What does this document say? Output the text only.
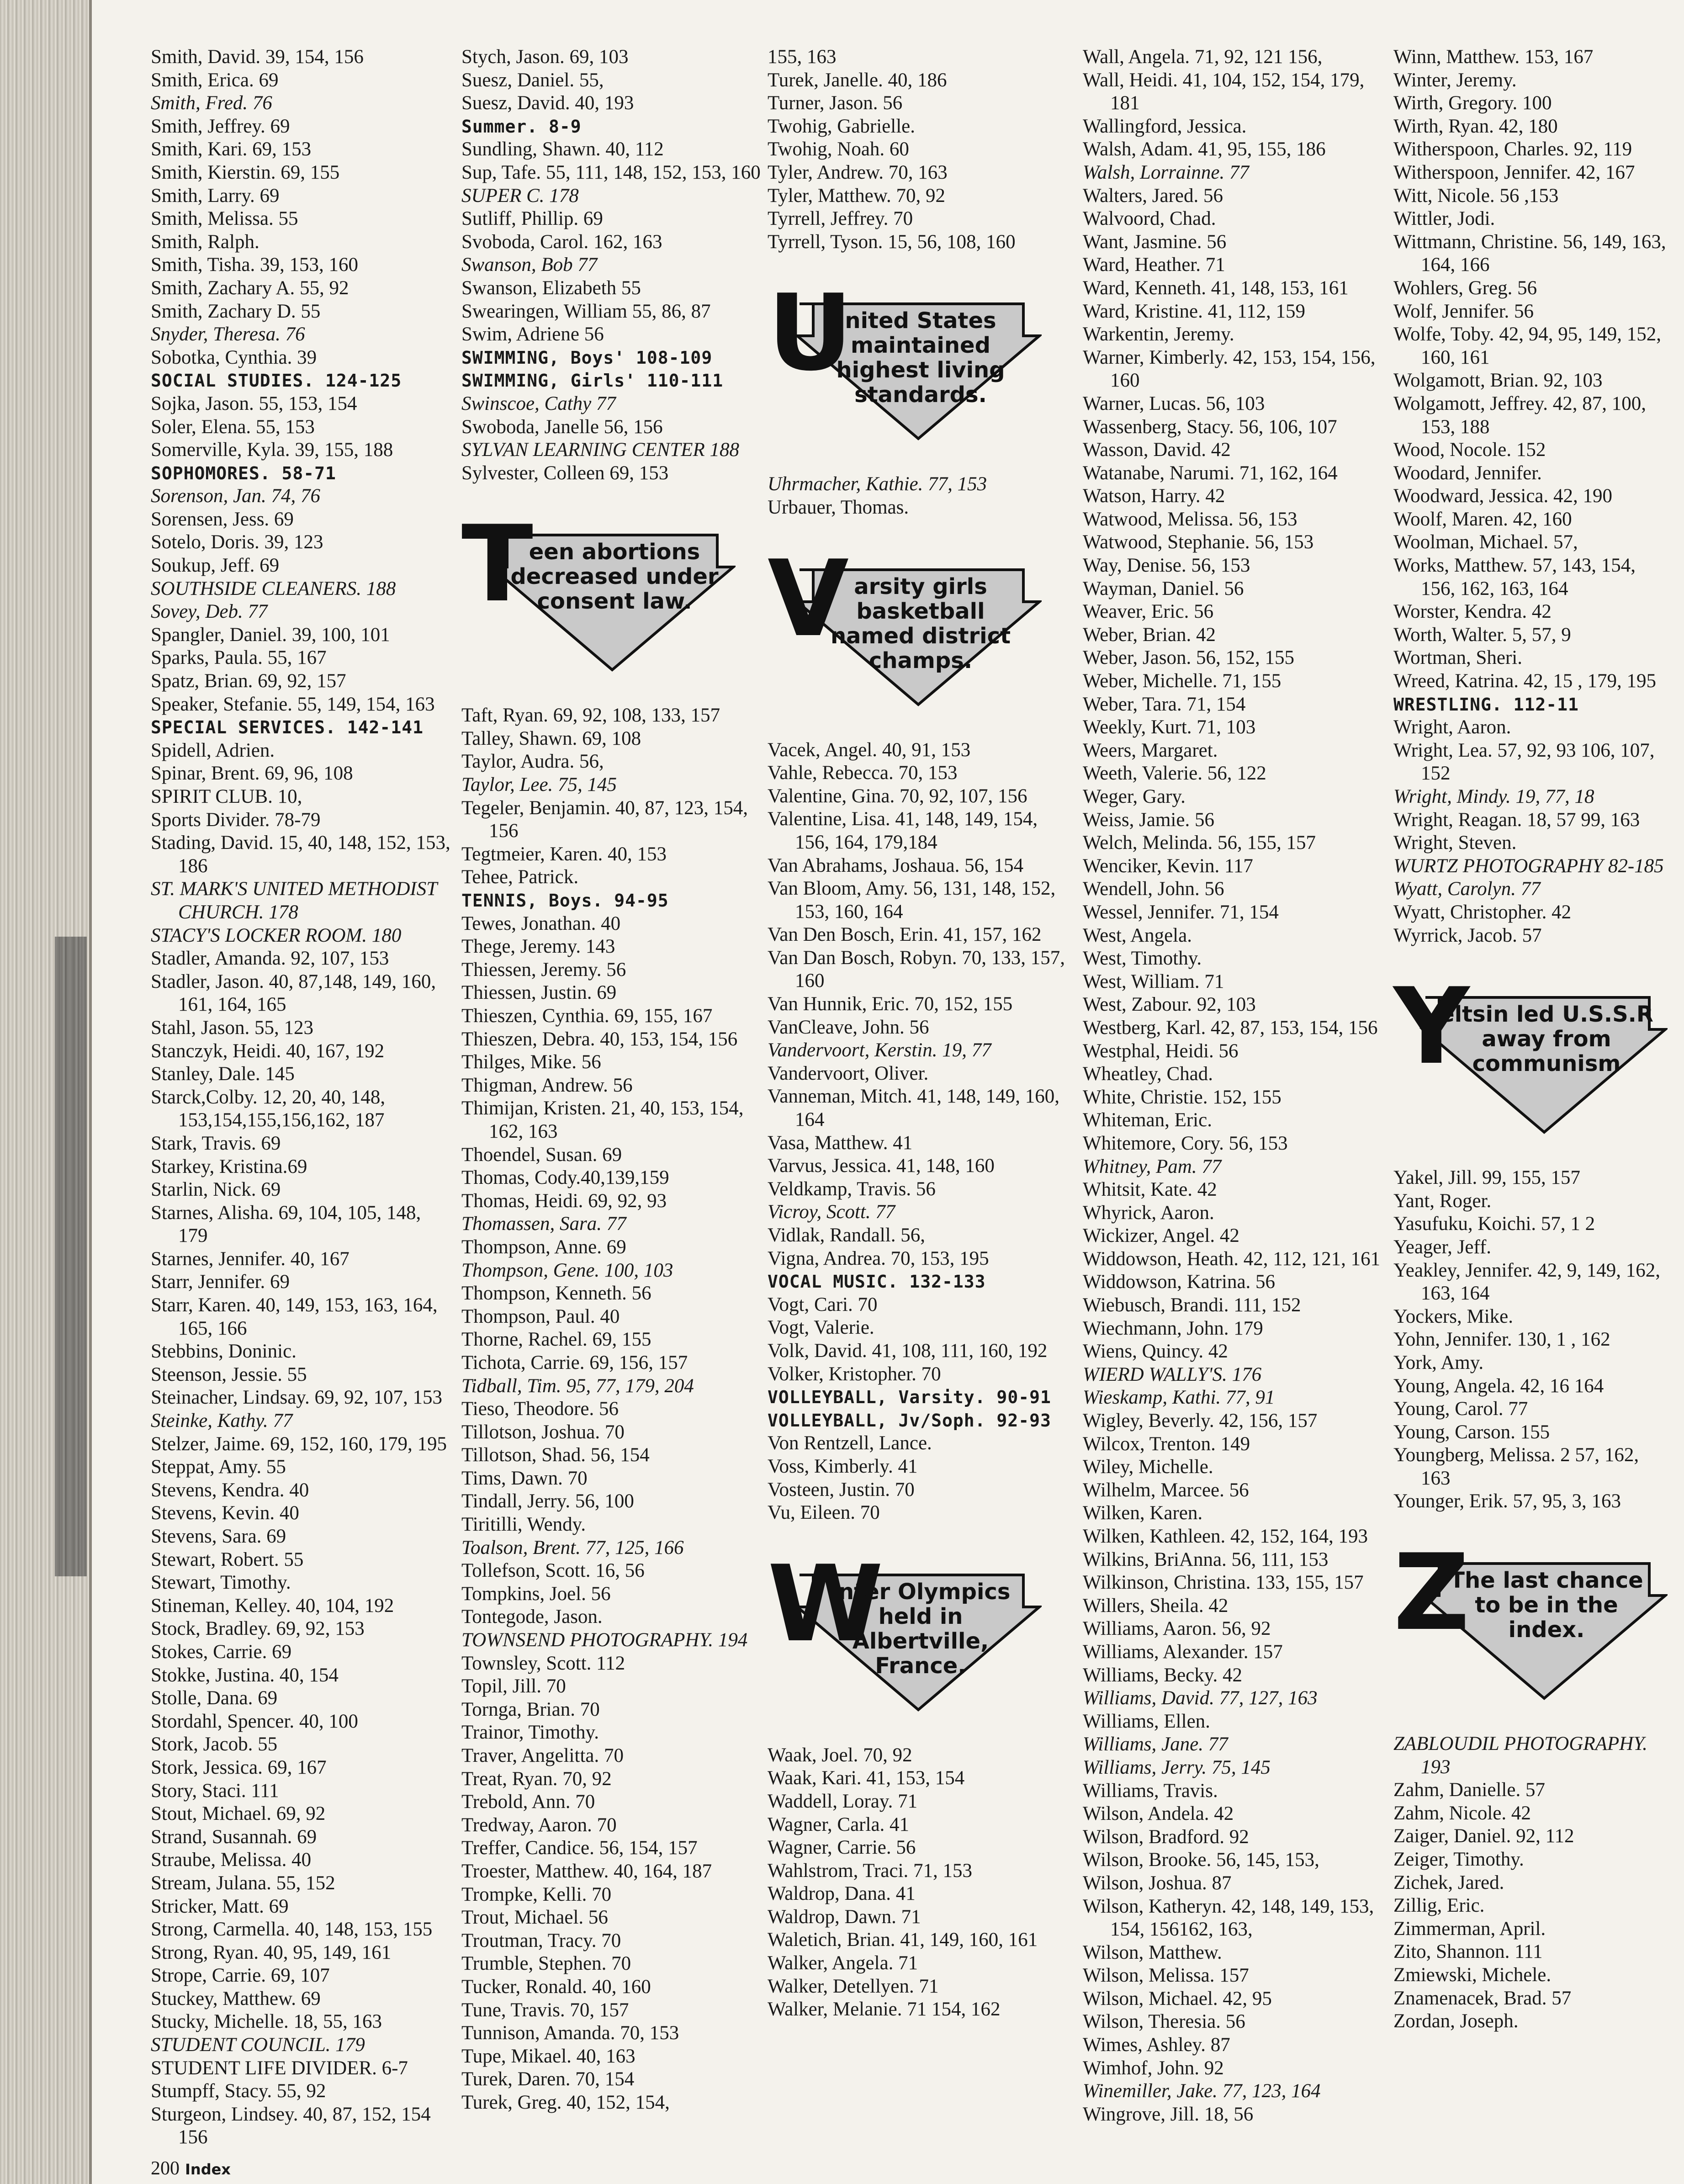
Smith, David. 39, 154, 156

Smith, Erica. 69

Smith, Fred. 76

Smith, Jeffrey. 69

Smith, Kari. 69, 153

Smith, Kierstin. 69, 155

Smith, Larry. 69

Smith, Melissa. 55

Smith, Ralph.

Smith, Tisha. 39, 153, 160

Smith, Zachary A. 55, 92

Smith, Zachary D. 55

Snyder, Theresa. 76

Sobotka, Cynthia. 39

SOCIAL STUDIES. 124-125

Sojka, Jason. 55, 153, 154

Soler, Elena. 55, 153

Somerville, Kyla. 39, 155, 188

SOPHOMORES. 58-71

Sorenson, Jan. 74, 76

Sorensen, Jess. 69

Sotelo, Doris. 39, 123

Soukup, Jeff. 69

SOUTHSIDE CLEANERS. 188

Sovey, Deb. 77

Spangler, Daniel. 39, 100, 101

Sparks, Paula. 55, 167

Spatz, Brian. 69, 92, 157

Speaker, Stefanie. 55, 149, 154, 163

SPECIAL SERVICES. 142-141

Spidell, Adrien.

Spinar, Brent. 69, 96, 108

SPIRIT CLUB. 10,

Sports Divider. 78-79

Stading, David. 15, 40, 148, 152, 153, 186

ST. MARK'S UNITED METHODIST CHURCH. 178

STACY'S LOCKER ROOM. 180

Stadler, Amanda. 92, 107, 153

Stadler, Jason. 40, 87,148, 149, 160, 161, 164, 165

Stahl, Jason. 55, 123

Stanczyk, Heidi. 40, 167, 192

Stanley, Dale. 145

Starck,Colby. 12, 20, 40, 148, 153,154,155,156,162, 187

Stark, Travis. 69

Starkey, Kristina.69

Starlin, Nick. 69

Starnes, Alisha. 69, 104, 105, 148, 179

Starnes, Jennifer. 40, 167

Starr, Jennifer. 69

Starr, Karen. 40, 149, 153, 163, 164, 165, 166

Stebbins, Doninic.

Steenson, Jessie. 55

Steinacher, Lindsay. 69, 92, 107, 153

Steinke, Kathy. 77

Stelzer, Jaime. 69, 152, 160, 179, 195

Steppat, Amy. 55

Stevens, Kendra. 40

Stevens, Kevin. 40

Stevens, Sara. 69

Stewart, Robert. 55

Stewart, Timothy.

Stineman, Kelley. 40, 104, 192

Stock, Bradley. 69, 92, 153

Stokes, Carrie. 69

Stokke, Justina. 40, 154

Stolle, Dana. 69

Stordahl, Spencer. 40, 100

Stork, Jacob. 55

Stork, Jessica. 69, 167

Story, Staci. 111

Stout, Michael. 69, 92

Strand, Susannah. 69

Straube, Melissa. 40

Stream, Julana. 55, 152

Stricker, Matt. 69

Strong, Carmella. 40, 148, 153, 155

Strong, Ryan. 40, 95, 149, 161

Strope, Carrie. 69, 107

Stuckey, Matthew. 69

Stucky, Michelle. 18, 55, 163

STUDENT COUNCIL. 179

STUDENT LIFE DIVIDER. 6-7

Stumpff, Stacy. 55, 92

Sturgeon, Lindsey. 40, 87, 152, 154 156

Stych, Jason. 69, 103

Suesz, Daniel. 55,

Suesz, David. 40, 193

Summer. 8-9

Sundling, Shawn. 40, 112

Sup, Tafe. 55, 111, 148, 152, 153, 160

SUPER C. 178

Sutliff, Phillip. 69

Svoboda, Carol. 162, 163

Swanson, Bob 77

Swanson, Elizabeth 55

Swearingen, William 55, 86, 87

Swim, Adriene 56

SWIMMING, Boys' 108-109

SWIMMING, Girls' 110-111

Swinscoe, Cathy 77

Swoboda, Janelle 56, 156

SYLVAN LEARNING CENTER 188

Sylvester, Colleen 69, 153

T
een abortions decreased under consent law.

Taft, Ryan. 69, 92, 108, 133, 157

Talley, Shawn. 69, 108

Taylor, Audra. 56,

Taylor, Lee. 75, 145

Tegeler, Benjamin. 40, 87, 123, 154, 156

Tegtmeier, Karen. 40, 153

Tehee, Patrick.

TENNIS, Boys. 94-95

Tewes, Jonathan. 40

Thege, Jeremy. 143

Thiessen, Jeremy. 56

Thiessen, Justin. 69

Thieszen, Cynthia. 69, 155, 167

Thieszen, Debra. 40, 153, 154, 156

Thilges, Mike. 56

Thigman, Andrew. 56

Thimijan, Kristen. 21, 40, 153, 154, 162, 163

Thoendel, Susan. 69

Thomas, Cody.40,139,159

Thomas, Heidi. 69, 92, 93

Thomassen, Sara. 77

Thompson, Anne. 69

Thompson, Gene. 100, 103

Thompson, Kenneth. 56

Thompson, Paul. 40

Thorne, Rachel. 69, 155

Tichota, Carrie. 69, 156, 157

Tidball, Tim. 95, 77, 179, 204

Tieso, Theodore. 56

Tillotson, Joshua. 70

Tillotson, Shad. 56, 154

Tims, Dawn. 70

Tindall, Jerry. 56, 100

Tiritilli, Wendy.

Toalson, Brent. 77, 125, 166

Tollefson, Scott. 16, 56

Tompkins, Joel. 56

Tontegode, Jason.

TOWNSEND PHOTOGRAPHY. 194

Townsley, Scott. 112

Topil, Jill. 70

Tornga, Brian. 70

Trainor, Timothy.

Traver, Angelitta. 70

Treat, Ryan. 70, 92

Trebold, Ann. 70

Tredway, Aaron. 70

Treffer, Candice. 56, 154, 157

Troester, Matthew. 40, 164, 187

Trompke, Kelli. 70

Trout, Michael. 56

Troutman, Tracy. 70

Trumble, Stephen. 70

Tucker, Ronald. 40, 160

Tune, Travis. 70, 157

Tunnison, Amanda. 70, 153

Tupe, Mikael. 40, 163

Turek, Daren. 70, 154

Turek, Greg. 40, 152, 154,

155, 163

Turek, Janelle. 40, 186

Turner, Jason. 56

Twohig, Gabrielle.

Twohig, Noah. 60

Tyler, Andrew. 70, 163

Tyler, Matthew. 70, 92

Tyrrell, Jeffrey. 70

Tyrrell, Tyson. 15, 56, 108, 160

U
nited States maintained highest living standards.

Uhrmacher, Kathie. 77, 153

Urbauer, Thomas.

V arsity girls basketball named district champs.

Vacek, Angel. 40, 91, 153

Vahle, Rebecca. 70, 153

Valentine, Gina. 70, 92, 107, 156

Valentine, Lisa. 41, 148, 149, 154, 156, 164, 179,184

Van Abrahams, Joshaua. 56, 154

Van Bloom, Amy. 56, 131, 148, 152, 153, 160, 164

Van Den Bosch, Erin. 41, 157, 162

Van Dan Bosch, Robyn. 70, 133, 157, 160

Van Hunnik, Eric. 70, 152, 155

VanCleave, John. 56

Vandervoort, Kerstin. 19, 77

Vandervoort, Oliver.

Vanneman, Mitch. 41, 148, 149, 160, 164

Vasa, Matthew. 41

Varvus, Jessica. 41, 148, 160

Veldkamp, Travis. 56

Vicroy, Scott. 77

Vidlak, Randall. 56,

Vigna, Andrea. 70, 153, 195

VOCAL MUSIC. 132-133

Vogt, Cari. 70

Vogt, Valerie.

Volk, David. 41, 108, 111, 160, 192

Volker, Kristopher. 70

VOLLEYBALL, Varsity. 90-91

VOLLEYBALL, Jv/Soph. 92-93

Von Rentzell, Lance.

Voss, Kimberly. 41

Vosteen, Justin. 70

Vu, Eileen. 70

W
inter Olympics held in Albertville, France.

Waak, Joel. 70, 92

Waak, Kari. 41, 153, 154

Waddell, Loray. 71

Wagner, Carla. 41

Wagner, Carrie. 56

Wahlstrom, Traci. 71, 153

Waldrop, Dana. 41

Waldrop, Dawn. 71

Waletich, Brian. 41, 149, 160, 161

Walker, Angela. 71

Walker, Detellyen. 71

Walker, Melanie. 71 154, 162

Wall, Angela. 71, 92, 121 156,

Wall, Heidi. 41, 104, 152, 154, 179, 181

Wallingford, Jessica.

Walsh, Adam. 41, 95, 155, 186

Walsh, Lorrainne. 77

Walters, Jared. 56

Walvoord, Chad.

Want, Jasmine. 56

Ward, Heather. 71

Ward, Kenneth. 41, 148, 153, 161

Ward, Kristine. 41, 112, 159

Warkentin, Jeremy.

Warner, Kimberly. 42, 153, 154, 156, 160

Warner, Lucas. 56, 103

Wassenberg, Stacy. 56, 106, 107

Wasson, David. 42

Watanabe, Narumi. 71, 162, 164

Watson, Harry. 42

Watwood, Melissa. 56, 153

Watwood, Stephanie. 56, 153

Way, Denise. 56, 153

Wayman, Daniel. 56

Weaver, Eric. 56

Weber, Brian. 42

Weber, Jason. 56, 152, 155

Weber, Michelle. 71, 155

Weber, Tara. 71, 154

Weekly, Kurt. 71, 103

Weers, Margaret.

Weeth, Valerie. 56, 122

Weger, Gary.

Weiss, Jamie. 56

Welch, Melinda. 56, 155, 157

Wenciker, Kevin. 117

Wendell, John. 56

Wessel, Jennifer. 71, 154

West, Angela.

West, Timothy.

West, William. 71

West, Zabour. 92, 103

Westberg, Karl. 42, 87, 153, 154, 156

Westphal, Heidi. 56

Wheatley, Chad.

White, Christie. 152, 155

Whiteman, Eric.

Whitemore, Cory. 56, 153

Whitney, Pam. 77

Whitsit, Kate. 42

Whyrick, Aaron.

Wickizer, Angel. 42

Widdowson, Heath. 42, 112, 121, 161

Widdowson, Katrina. 56

Wiebusch, Brandi. 111, 152

Wiechmann, John. 179

Wiens, Quincy. 42

WIERD WALLY'S. 176

Wieskamp, Kathi. 77, 91

Wigley, Beverly. 42, 156, 157

Wilcox, Trenton. 149

Wiley, Michelle.

Wilhelm, Marcee. 56

Wilken, Karen.

Wilken, Kathleen. 42, 152, 164, 193

Wilkins, BriAnna. 56, 111, 153

Wilkinson, Christina. 133, 155, 157

Willers, Sheila. 42

Williams, Aaron. 56, 92

Williams, Alexander. 157

Williams, Becky. 42

Williams, David. 77, 127, 163

Williams, Ellen.

Williams, Jane. 77

Williams, Jerry. 75, 145

Williams, Travis.

Wilson, Andela. 42

Wilson, Bradford. 92

Wilson, Brooke. 56, 145, 153,

Wilson, Joshua. 87

Wilson, Katheryn. 42, 148, 149, 153, 154, 156162, 163,

Wilson, Matthew.

Wilson, Melissa. 157

Wilson, Michael. 42, 95

Wilson, Theresia. 56

Wimes, Ashley. 87

Wimhof, John. 92

Winemiller, Jake. 77, 123, 164

Wingrove, Jill. 18, 56

Winn, Matthew. 153, 167

Winter, Jeremy.

Wirth, Gregory. 100

Wirth, Ryan. 42, 180

Witherspoon, Charles. 92, 119

Witherspoon, Jennifer. 42, 167

Witt, Nicole. 56 ,153

Wittler, Jodi.

Wittmann, Christine. 56, 149, 163, 164, 166

Wohlers, Greg. 56

Wolf, Jennifer. 56

Wolfe, Toby. 42, 94, 95, 149, 152, 160, 161

Wolgamott, Brian. 92, 103

Wolgamott, Jeffrey. 42, 87, 100, 153, 188

Wood, Nocole. 152

Woodard, Jennifer.

Woodward, Jessica. 42, 190

Woolf, Maren. 42, 160

Woolman, Michael. 57,

Works, Matthew. 57, 143, 154, 156, 162, 163, 164

Worster, Kendra. 42

Worth, Walter. 5, 57, 9

Wortman, Sheri.

Wreed, Katrina. 42, 15 , 179, 195

WRESTLING. 112-11

Wright, Aaron.

Wright, Lea. 57, 92, 93 106, 107, 152

Wright, Mindy. 19, 77, 18

Wright, Reagan. 18, 57 99, 163

Wright, Steven.

WURTZ PHOTOGRAPHY 82-185

Wyatt, Carolyn. 77

Wyatt, Christopher. 42

Wyrrick, Jacob. 57

Y
eltsin led U.S.S.R away from communism

Yakel, Jill. 99, 155, 157

Yant, Roger.

Yasufuku, Koichi. 57, 1 2

Yeager, Jeff.

Yeakley, Jennifer. 42, 9, 149, 162, 163, 164

Yockers, Mike.

Yohn, Jennifer. 130, 1 , 162

York, Amy.

Young, Angela. 42, 16 164

Young, Carol. 77

Young, Carson. 155

Youngberg, Melissa. 2 57, 162, 163

Younger, Erik. 57, 95, 3, 163

Z
The last chance to be in the index.

ZABLOUDIL PHOTOGRAPHY. 193

Zahm, Danielle. 57

Zahm, Nicole. 42

Zaiger, Daniel. 92, 112

Zeiger, Timothy.

Zichek, Jared.

Zillig, Eric.

Zimmerman, April.

Zito, Shannon. 111

Zmiewski, Michele.

Znamenacek, Brad. 57

Zordan, Joseph.

200 Index
